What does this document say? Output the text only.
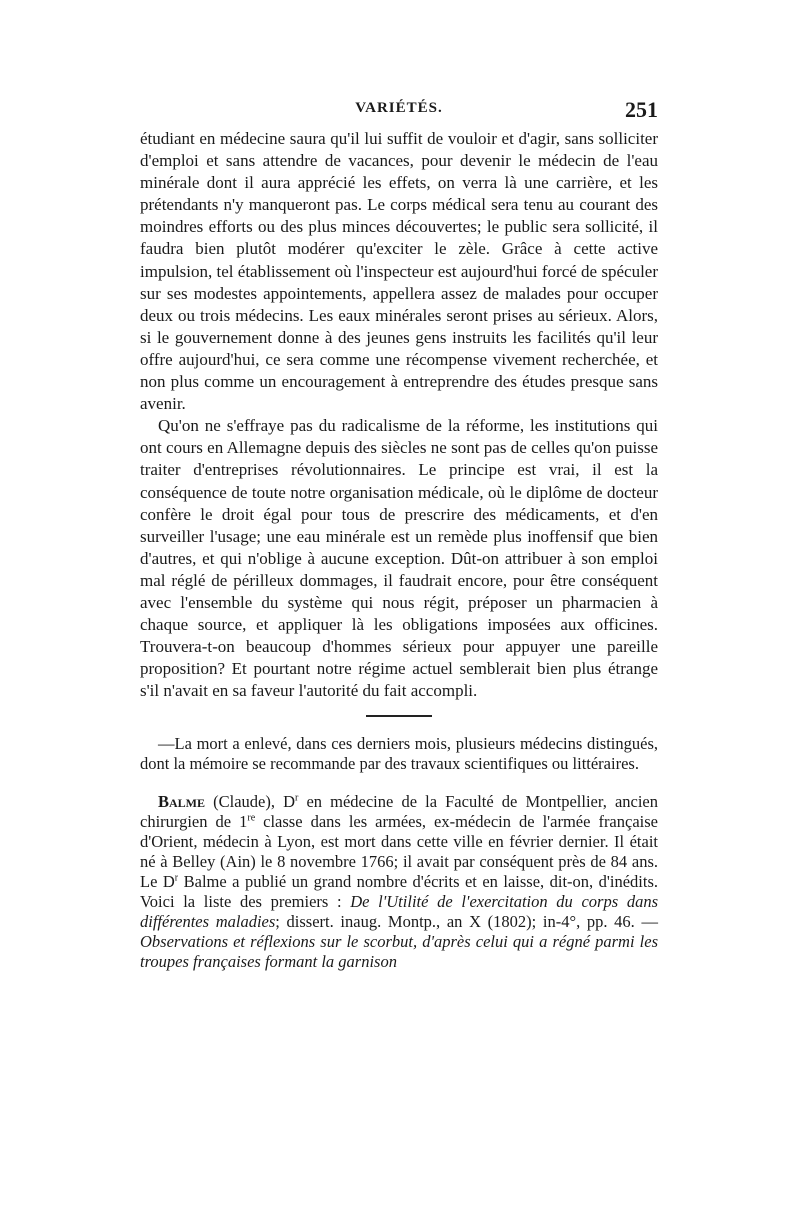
VARIÉTÉS.	251

étudiant en médecine saura qu'il lui suffit de vouloir et d'agir, sans solliciter d'emploi et sans attendre de vacances, pour devenir le médecin de l'eau minérale dont il aura apprécié les effets, on verra là une carrière, et les prétendants n'y manqueront pas. Le corps médical sera tenu au courant des moindres efforts ou des plus minces découvertes; le public sera sollicité, il faudra bien plutôt modérer qu'exciter le zèle. Grâce à cette active impulsion, tel établissement où l'inspecteur est aujourd'hui forcé de spéculer sur ses modestes appointements, appellera assez de malades pour occuper deux ou trois médecins. Les eaux minérales seront prises au sérieux. Alors, si le gouvernement donne à des jeunes gens instruits les facilités qu'il leur offre aujourd'hui, ce sera comme une récompense vivement recherchée, et non plus comme un encouragement à entreprendre des études presque sans avenir.

Qu'on ne s'effraye pas du radicalisme de la réforme, les institutions qui ont cours en Allemagne depuis des siècles ne sont pas de celles qu'on puisse traiter d'entreprises révolutionnaires. Le principe est vrai, il est la conséquence de toute notre organisation médicale, où le diplôme de docteur confère le droit égal pour tous de prescrire des médicaments, et d'en surveiller l'usage; une eau minérale est un remède plus inoffensif que bien d'autres, et qui n'oblige à aucune exception. Dût-on attribuer à son emploi mal réglé de périlleux dommages, il faudrait encore, pour être conséquent avec l'ensemble du système qui nous régit, préposer un pharmacien à chaque source, et appliquer là les obligations imposées aux officines. Trouvera-t-on beaucoup d'hommes sérieux pour appuyer une pareille proposition? Et pourtant notre régime actuel semblerait bien plus étrange s'il n'avait en sa faveur l'autorité du fait accompli.

—La mort a enlevé, dans ces derniers mois, plusieurs médecins distingués, dont la mémoire se recommande par des travaux scientifiques ou littéraires.

Balme (Claude), $D^r$ en médecine de la Faculté de Montpellier, ancien chirurgien de 1re classe dans les armées, ex-médecin de l'armée française d'Orient, médecin à Lyon, est mort dans cette ville en février dernier. Il était né à Belley (Ain) le 8 novembre 1766; il avait par conséquent près de 84 ans. Le $D^r$ Balme a publié un grand nombre d'écrits et en laisse, dit-on, d'inédits. Voici la liste des premiers : De l'Utilité de l'exercitation du corps dans différentes maladies; dissert. inaug. Montp., an X (1802); in-4°, pp. 46. — Observations et réflexions sur le scorbut, d'après celui qui a régné parmi les troupes françaises formant la garnison
